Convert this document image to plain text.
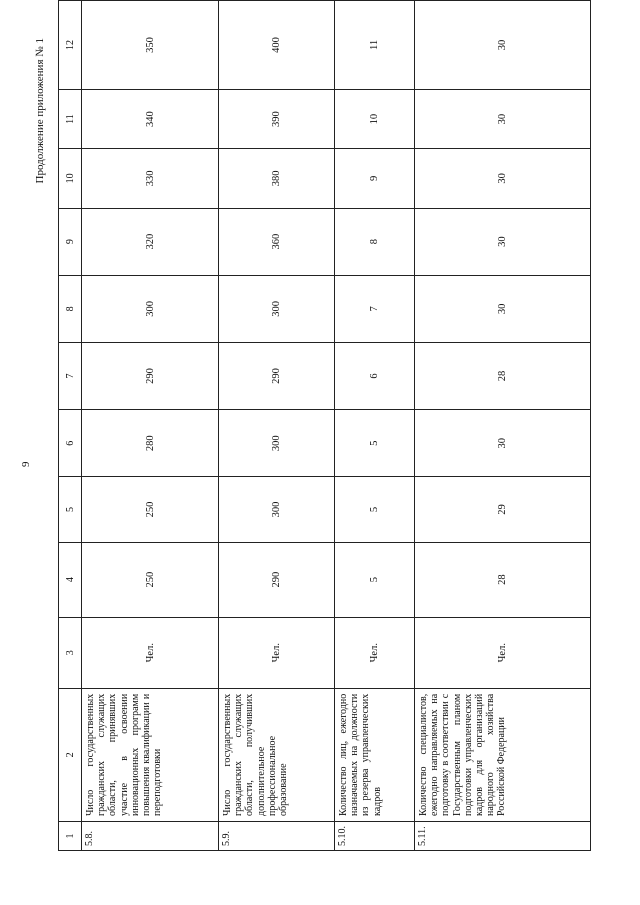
9
Продолжение приложения № 1
1	2	3	4	5	6	7	8	9	10	11	12
5.8.	Число государственных гражданских служащих области, принявших участие в освоении инновационных программ повышения квалификации и переподготовки	Чел.	250	250	280	290	300	320	330	340	350
5.9.	Число государственных гражданских служащих области, получивших дополнительное профессиональное образование	Чел.	290	300	300	290	300	360	380	390	400
5.10.	Количество лиц, ежегодно назначаемых на должности из резерва управленческих кадров	Чел.	5	5	5	6	7	8	9	10	11
5.11.	Количество специалистов, ежегодно направляемых на подготовку в соответствии с Государственным планом подготовки управленческих кадров для организаций народного хозяйства Российской Федерации	Чел.	28	29	30	28	30	30	30	30	30
